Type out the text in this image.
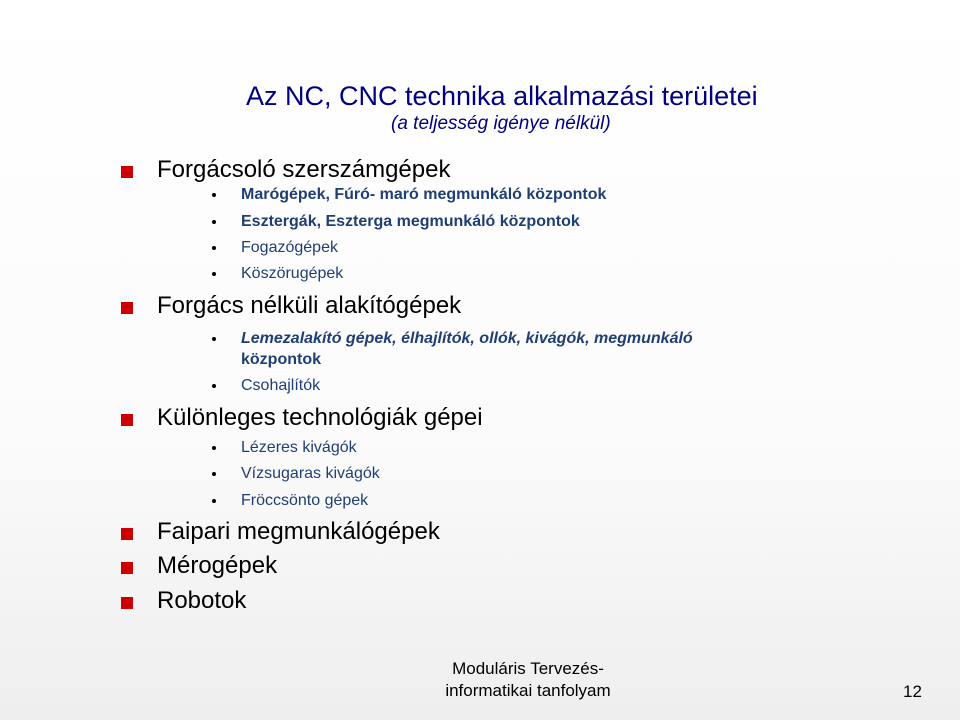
Az NC, CNC technika alkalmazási területei
(a teljesség igénye nélkül)
Forgácsoló szerszámgépek
Marógépek, Fúró- maró megmunkáló központok
Esztergák, Eszterga megmunkáló központok
Fogazógépek
Köszörugépek
Forgács nélküli alakítógépek
Lemezalakító gépek, élhajlítók, ollók, kivágók, megmunkáló
központok
Csohajlítók
Különleges technológiák gépei
Lézeres kivágók
Vízsugaras kivágók
Fröccsönto gépek
Faipari megmunkálógépek
Mérogépek
Robotok
Moduláris Tervezés-
informatikai tanfolyam	12
